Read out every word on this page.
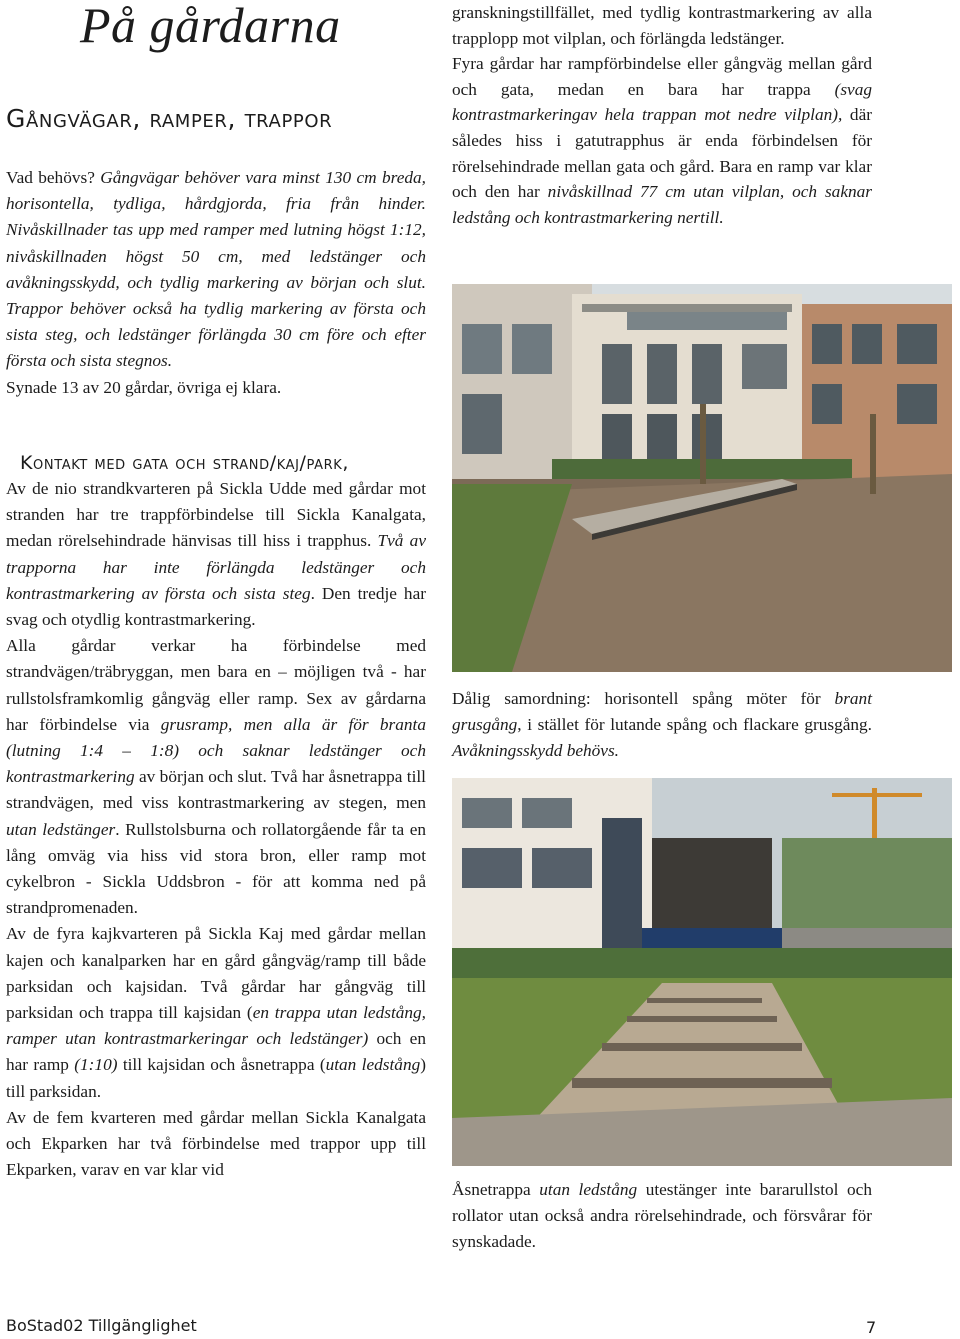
På gårdarna
Gångvägar, ramper, trappor

Vad behövs? Gångvägar behöver vara minst 130 cm breda, horisontella, tydliga, hårdgjorda, fria från hinder. Nivåskillnader tas upp med ramper med lutning högst 1:12, nivåskillnaden högst 50 cm, med ledstänger och avåkningsskydd, och tydlig markering av början och slut. Trappor behöver också ha tydlig markering av första och sista steg, och ledstänger förlängda 30 cm före och efter första och sista stegnos.

Synade 13 av 20 gårdar, övriga ej klara.

Kontakt med gata och strand/kaj/park,

Av de nio strandkvarteren på Sickla Udde med gårdar mot stranden har tre trappförbindelse till Sickla Kanalgata, medan rörelsehindrade hänvisas till hiss i trapphus. Två av trapporna har inte förlängda ledstänger och kontrastmarkering av första och sista steg. Den tredje har svag och otydlig kontrastmarkering.

Alla gårdar verkar ha förbindelse med strandvägen/träbryggan, men bara en – möjligen två - har rullstolsframkomlig gångväg eller ramp. Sex av gårdarna har förbindelse via grusramp, men alla är för branta (lutning 1:4 – 1:8) och saknar ledstänger och kontrastmarkering av början och slut. Två har åsnetrappa till strandvägen, med viss kontrastmarkering av stegen, men utan ledstänger. Rullstolsburna och rollatorgående får ta en lång omväg via hiss vid stora bron, eller ramp mot cykelbron - Sickla Uddsbron - för att komma ned på strandpromenaden.

Av de fyra kajkvarteren på Sickla Kaj med gårdar mellan kajen och kanalparken har en gård gångväg/ramp till både parksidan och kajsidan. Två gårdar har gångväg till parksidan och trappa till kajsidan (en trappa utan ledstång, ramper utan kontrastmarkeringar och ledstänger) och en har ramp (1:10) till kajsidan och åsnetrappa (utan ledstång) till parksidan.

Av de fem kvarteren med gårdar mellan Sickla Kanalgata och Ekparken har två förbindelse med trappor upp till Ekparken, varav en var klar vid

granskningstillfället, med tydlig kontrastmarkering av alla trapplopp mot vilplan, och förlängda ledstänger.

Fyra gårdar har rampförbindelse eller gångväg mellan gård och gata, medan en bara har trappa (svag kontrastmarkeringav hela trappan mot nedre vilplan), där således hiss i gatutrapphus är enda förbindelsen för rörelsehindrade mellan gata och gård. Bara en ramp var klar och den har nivåskillnad 77 cm utan vilplan, och saknar ledstång och kontrastmarkering nertill.

Dålig samordning: horisontell spång möter för brant grusgång, i stället för lutande spång och flackare grusgång. Avåkningsskydd behövs.

Åsnetrappa utan ledstång utestänger inte bararullstol och rollator utan också andra rörelsehindrade, och försvårar för synskadade.

BoStad02 Tillgänglighet	7
